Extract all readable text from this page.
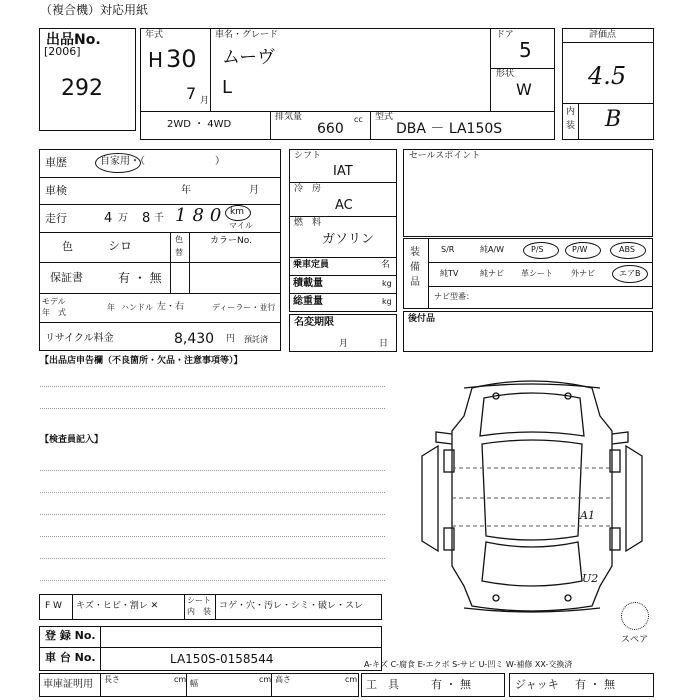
（複合機）対応用紙
出品No.
[2006]
292
年式
H 30
7 月
車名・グレード
ムーヴ
L
ドア
5
形状
W
2WD ・ 4WD
排気量
660
cc 型式
DBA － LA150S
評価点
4.5
内
装 B
車歴	自家用・（　　　　　　　）
車検	年	月
走行	4 万 8 千 180 km
マイル
色	シロ	色
替
カラーNo.
保証書	有 ・ 無
モデル
年　式
年 ハンドル 左・右	ディーラー・並行
リサイクル料金	8,430 円 預託済
シフト
IAT
冷　房
AC
燃　料
ガソリン
乗車定員	名
積載量	kg
総重量	kg
名変期限
月	日
セールスポイント
装備品
S/R	純A/W	P/S	P/W	ABS
純TV	純ナビ 革シート 外ナビ	エアB
ナビ型番：
後付品
【出品店申告欄（不良箇所・欠品・注意事項等）】
【検査員記入】
A1
U2
スペア
F W キズ・ヒビ・割レ ✕
シート
内　装
コゲ・穴・汚レ・シミ・破レ・スレ
登 録 No.
車 台 No.	LA150S-0158544	A-キズ C-腐食 E-エクボ S-サビ U-凹ミ W-補修 XX-交換済
車庫証明用 長さ	cm 幅	cm 高さ	cm 工　具	有 ・ 無	ジャッキ 有 ・ 無
